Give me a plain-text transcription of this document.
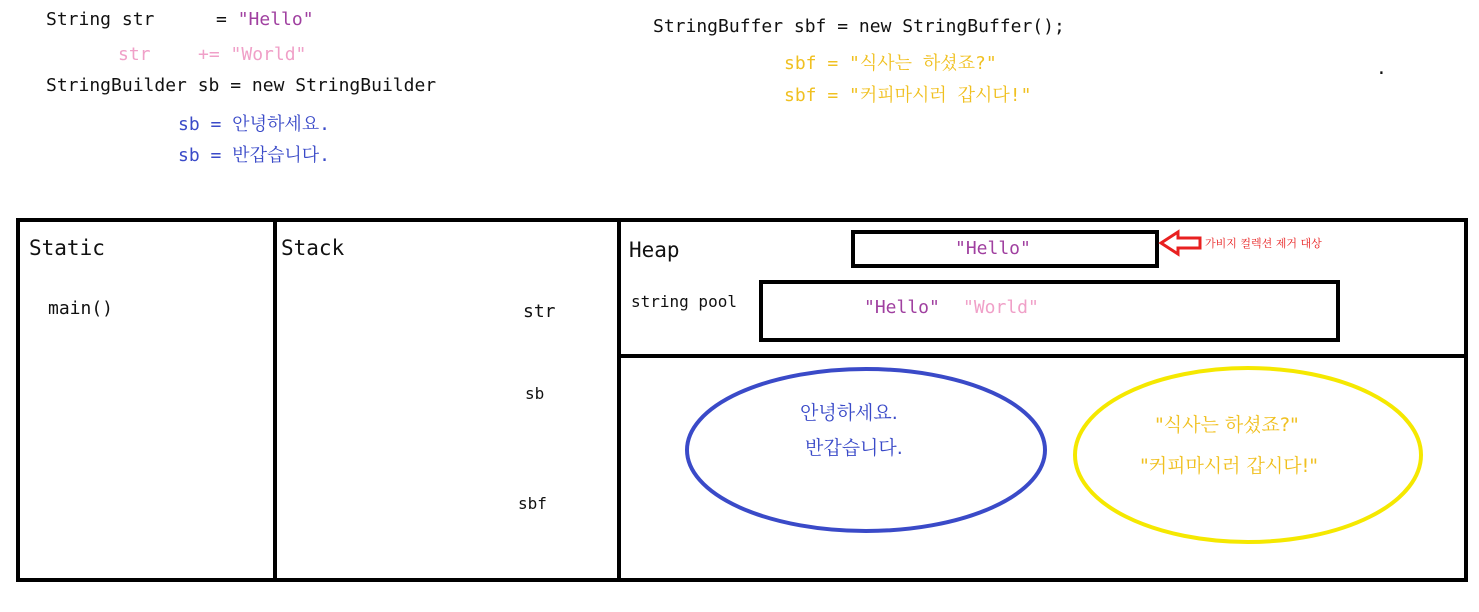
String str	= "Hello"
str	+= "World"
StringBuilder sb = new StringBuilder
sb = 안녕하세요.
sb = 반갑습니다.
StringBuffer sbf = new StringBuffer();
sbf = "식사는 하셨죠?"
sbf = "커피마시러 갑시다!"
.
Static
main()
Stack
str
sb
sbf
Heap	"Hello"	가비지 컬렉션 제거 대상
string pool	"Hello" "World"
안녕하세요.
반갑습니다.
"식사는 하셨죠?"
"커피마시러 갑시다!"
